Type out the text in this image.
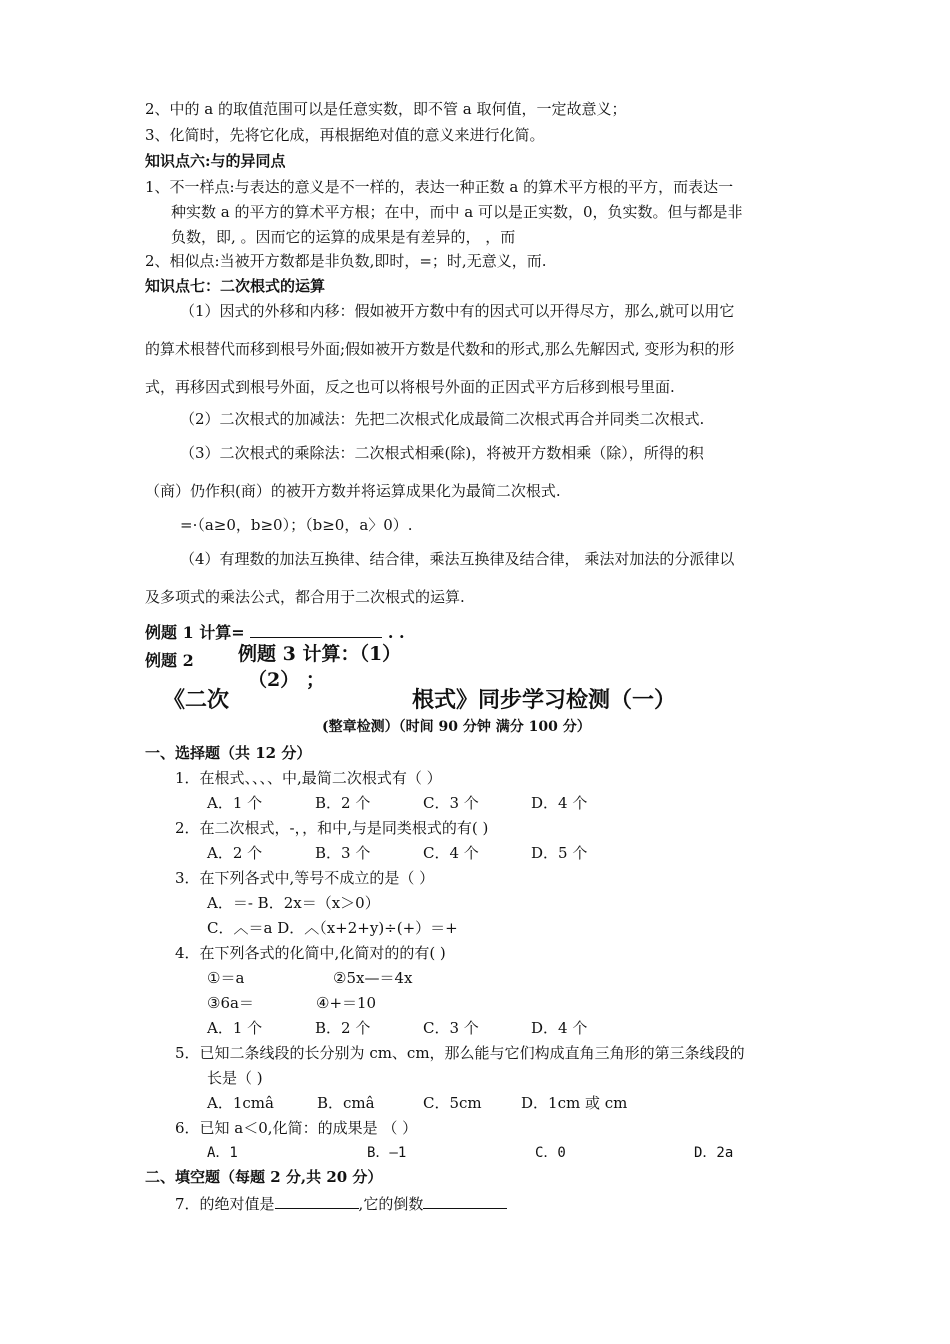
2、中的 a 的取值范围可以是任意实数，即不管 a 取何值，一定故意义；
3、化简时，先将它化成，再根据绝对值的意义来进行化简。
知识点六:与的异同点
1、不一样点:与表达的意义是不一样的，表达一种正数 a 的算术平方根的平方，而表达一
种实数 a 的平方的算术平方根；在中，而中 a 可以是正实数，0，负实数。但与都是非
负数，即, 。因而它的运算的成果是有差异的， ，而
2、相似点:当被开方数都是非负数,即时，=；时,无意义，而.
知识点七：二次根式的运算
（1）因式的外移和内移：假如被开方数中有的因式可以开得尽方，那么,就可以用它
的算术根替代而移到根号外面;假如被开方数是代数和的形式,那么先解因式, 变形为积的形
式，再移因式到根号外面，反之也可以将根号外面的正因式平方后移到根号里面.
（2）二次根式的加减法：先把二次根式化成最简二次根式再合并同类二次根式.
（3）二次根式的乘除法：二次根式相乘(除)，将被开方数相乘（除），所得的积
（商）仍作积(商）的被开方数并将运算成果化为最简二次根式.
=·（a≥0，b≥0）；（b≥0，a〉0）.
（4）有理数的加法互换律、结合律，乘法互换律及结合律， 乘法对加法的分派律以
及多项式的乘法公式，都合用于二次根式的运算.
例题 1 计算=	. .
例题 2 例题 3 计算：（1）
（2） ；
《二次	根式》同步学习检测（一）
(整章检测）（时间 90 分钟 满分 100 分）
一、选择题（共 12 分）
1．在根式、、、、中,最简二次根式有（ ）
A．1 个	B．2 个	C．3 个	D．4 个
2．在二次根式，-，，和中,与是同类根式的有( )
A．2 个	B．3 个	C．4 个	D．5 个
3．在下列各式中,等号不成立的是（ ）
A．＝- B．2x＝（x＞0）
C．︿＝a D．︿（x+2+y)÷(+）＝+
4．在下列各式的化简中,化简对的的有( )
①＝a	②5x—＝4x
③6a＝	④+＝10
A．1 个	B．2 个	C．3 个	D．4 个
5．已知二条线段的长分别为 cm、cm，那么能与它们构成直角三角形的第三条线段的
长是（ )
A．1cmâ	B．cmâ	C．5cm	D．1cm 或 cm
6．已知 a＜0,化简：的成果是 （ ）
A．1	B．—1	C．0	D．2a
二、填空题（每题 2 分,共 20 分）
7．的绝对值是	,它的倒数
